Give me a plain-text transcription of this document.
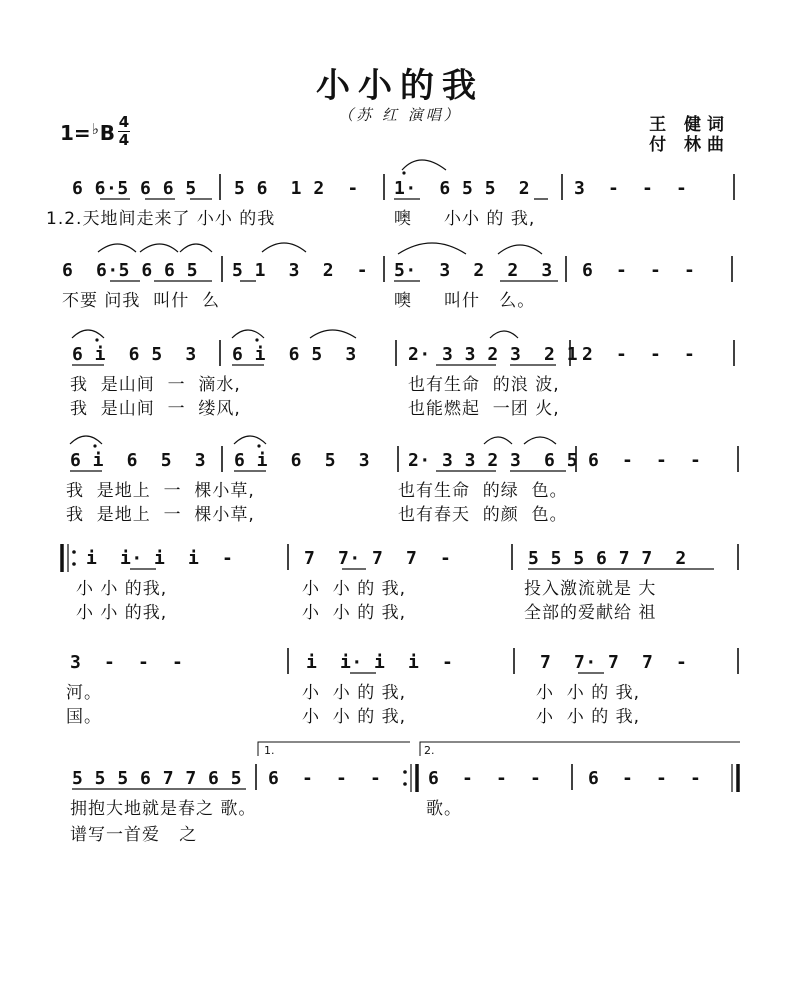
小小的我
（苏 红 演唱）	王 健词
付 林曲
1=♭B 4
4

6 6·5 6 6 5

5 6  1 2  -

1·  6 5 5  2

3  -  -  -

1.2.天地间走来了 小小 的我

	噢     小小 的 我,

6  6·5 6 6 5

5 1  3  2  -

5·  3  2  2  3

6  -  -  -

不要 问我  叫什  么

	噢     叫什   么。

6 i  6 5  3

6 i  6 5  3

	2· 3 3 2 3  2 1

2  -  -  -

我  是山间  一  滴水,

	也有生命  的浪 波,

我  是山间  一  缕风,

	也能燃起  一团 火,

6 i  6  5  3

6 i  6  5  3

2· 3 3 2 3  6 5

6  -  -  -

我  是地上  一  棵小草,

	也有生命  的绿  色。

我  是地上  一  棵小草,

	也有春天  的颜  色。

i  i· i  i  -

	7  7· 7  7  -

	5 5 5 6 7 7  2

小 小 的我,

	小  小 的 我,

	投入激流就是 大

小 小 的我,

	小  小 的 我,

	全部的爱献给 祖

3  -  -  -

	i  i· i  i  -

	7  7· 7  7  -

河。

	小  小 的 我,

	小  小 的 我,

国。

	小  小 的 我,

	小  小 的 我,

5 5 5 6 7 7 6 5

6  -  -  -

	6  -  -  -

	6  -  -  -

拥抱大地就是春之 歌。

	歌。

谱写一首爱   之

1.	2.
